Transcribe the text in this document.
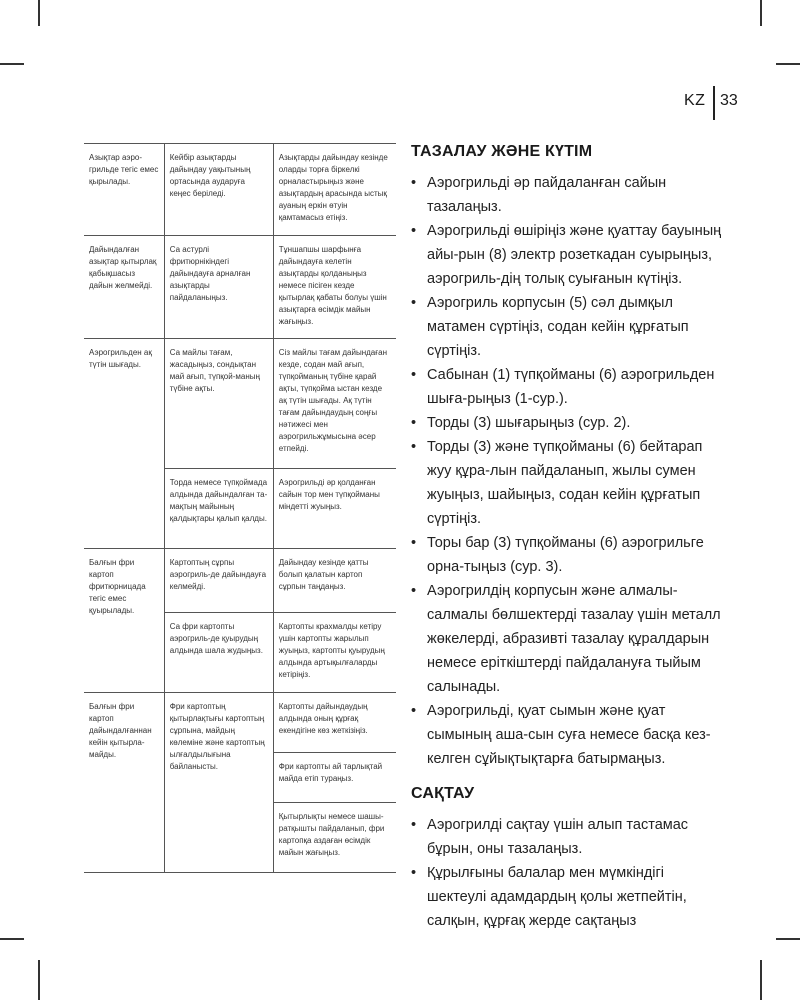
KZ 33
Азықтар аэро-грильде тегіс емес қырылады.	Кейбір азықтарды дайындау уақытының ортасында аударуға кеңес беріледі.	Азықтарды дайындау кезінде оларды торға біркелкі орналастырыңыз және азықтардың арасында ыстық ауаның еркін өтуін қамтамасыз етіңіз.
Дайындалған азықтар қытырлақ қабықшасыз дайын желмейді.	Са астурлі фритюрнікіндегі дайындауға арналған азықтарды пайдаланыңыз.	Тұншапшы шарфынға дайындауға келетін азықтарды қолданыңыз немесе пісіген кезде қытырлақ қабаты болуы үшін азықтарға өсімдік майын жағыңыз.
Аэрогрильден ақ түтін шығады.	Са майлы тағам, жасадыңыз, сондықтан май ағып, түпқой-маның түбіне ақты.	Сіз майлы тағам дайындаған кезде, содан май ағып, түпқойманың түбіне қарай ақты, түпқойма ыстан кезде ақ түтін шығады. Ақ түтін тағам дайындаудың соңғы нәтижесі мен аэрогрильжұмысына әсер етпейді.
	Торда немесе түпқоймада алдында дайындалған та-мақтың майының қалдықтары қалып қалды.	Аэрогрильді әр қолданған сайын тор мен түпқойманы міндетті жуыңыз.
Балғын фри картоп фритюрницада тегіс емес қуырылады.	Картоптың сұрпы аэрогриль-де дайындауға келмейді.	Дайындау кезінде қатты болып қалатын картоп сұрпын таңдаңыз.
	Са фри картопты аэрогриль-де қуырудың алдында шала жудыңыз.	Картопты крахмалды кетіру үшін картопты жарылып жуыңыз, картопты қуырудың алдында артықылғаларды кетіріңіз.
Балғын фри картоп дайындалғаннан кейін қытырла-майды.	Фри картоптың қытырлақтығы картоптың сұрпына, майдың көлеміне және картоптың ылғалдылығына байланысты.	Картопты дайындаудың алдында оның құрғақ екендігіне көз жеткізіңіз.
		Фри картопты ай тарлықтай майда етіп тураңыз.
		Қытырлықты немесе шашы-ратқышты пайдаланып, фри картопқа аздаған өсімдік майын жағыңыз.
ТАЗАЛАУ ЖӘНЕ КҮТІМ
• Аэрогрильді әр пайдаланған сайын тазалаңыз.
• Аэрогрильді өшіріңіз және қуаттау бауының айы-рын (8) электр розеткадан суырыңыз, аэрогриль-дің толық суығанын күтіңіз.
• Аэрогриль корпусын (5) сәл дымқыл матамен сүртіңіз, содан кейін құрғатып сүртіңіз.
• Сабынан (1) түпқойманы (6) аэрогрильден шыға-рыңыз (1-сур.).
• Торды (3) шығарыңыз (сур. 2).
• Торды (3) және түпқойманы (6) бейтарап жуу құра-лын пайдаланып, жылы сумен жуыңыз, шайыңыз, содан кейін құрғатып сүртіңіз.
• Торы бар (3) түпқойманы (6) аэрогрильге орна-тыңыз (сур. 3).
• Аэрогрилдің корпусын және алмалы-салмалы бөлшектерді тазалау үшін металл жөкелерді, абразивті тазалау құралдарын немесе еріткіштерді пайдалануға тыйым салынады.
• Аэрогрильді, қуат сымын және қуат сымының аша-сын суға немесе басқа кез-келген сұйықтықтарға батырмаңыз.
САҚТАУ
• Аэрогрилді сақтау үшін алып тастамас бұрын, оны тазалаңыз.
• Құрылғыны балалар мен мүмкіндігі шектеулі адамдардың қолы жетпейтін, салқын, құрғақ жерде сақтаңыз
